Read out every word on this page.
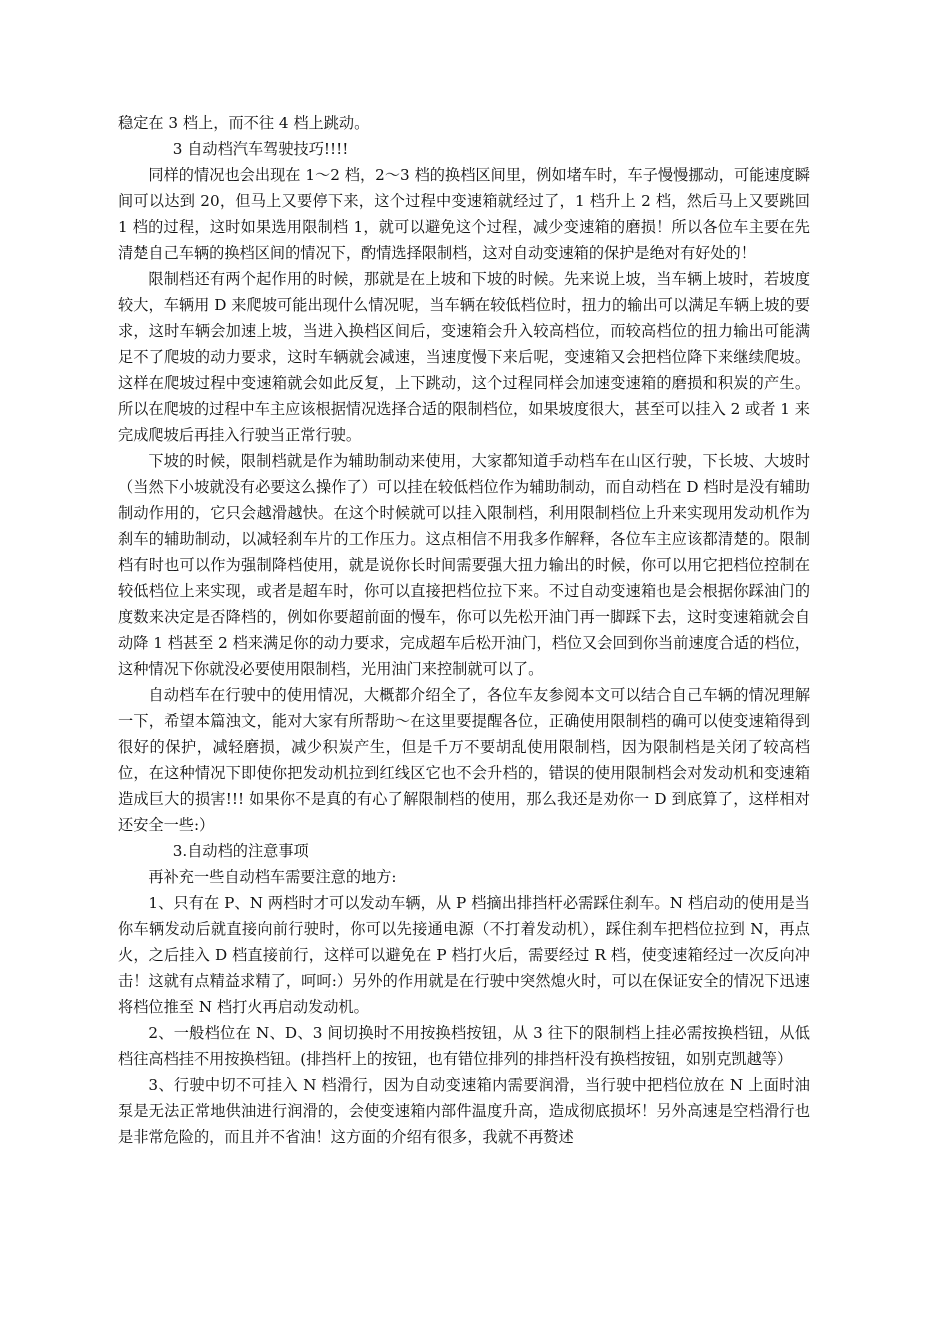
稳定在 3 档上，而不往 4 档上跳动。

3 自动档汽车驾驶技巧!!!!

同样的情况也会出现在 1～2 档，2～3 档的换档区间里，例如堵车时，车子慢慢挪动，可能速度瞬间可以达到 20，但马上又要停下来，这个过程中变速箱就经过了，1 档升上 2 档，然后马上又要跳回 1 档的过程，这时如果选用限制档 1，就可以避免这个过程，减少变速箱的磨损！所以各位车主要在先清楚自己车辆的换档区间的情况下，酌情选择限制档，这对自动变速箱的保护是绝对有好处的！

限制档还有两个起作用的时候，那就是在上坡和下坡的时候。先来说上坡，当车辆上坡时，若坡度较大，车辆用 D 来爬坡可能出现什么情况呢，当车辆在较低档位时，扭力的输出可以满足车辆上坡的要求，这时车辆会加速上坡，当进入换档区间后，变速箱会升入较高档位，而较高档位的扭力输出可能满足不了爬坡的动力要求，这时车辆就会减速，当速度慢下来后呢，变速箱又会把档位降下来继续爬坡。这样在爬坡过程中变速箱就会如此反复，上下跳动，这个过程同样会加速变速箱的磨损和积炭的产生。所以在爬坡的过程中车主应该根据情况选择合适的限制档位，如果坡度很大，甚至可以挂入 2 或者 1 来完成爬坡后再挂入行驶当正常行驶。

下坡的时候，限制档就是作为辅助制动来使用，大家都知道手动档车在山区行驶，下长坡、大坡时（当然下小坡就没有必要这么操作了）可以挂在较低档位作为辅助制动，而自动档在 D 档时是没有辅助制动作用的，它只会越滑越快。在这个时候就可以挂入限制档，利用限制档位上升来实现用发动机作为刹车的辅助制动，以减轻刹车片的工作压力。这点相信不用我多作解释，各位车主应该都清楚的。限制档有时也可以作为强制降档使用，就是说你长时间需要强大扭力输出的时候，你可以用它把档位控制在较低档位上来实现，或者是超车时，你可以直接把档位拉下来。不过自动变速箱也是会根据你踩油门的度数来决定是否降档的，例如你要超前面的慢车，你可以先松开油门再一脚踩下去，这时变速箱就会自动降 1 档甚至 2 档来满足你的动力要求，完成超车后松开油门，档位又会回到你当前速度合适的档位，这种情况下你就没必要使用限制档，光用油门来控制就可以了。

自动档车在行驶中的使用情况，大概都介绍全了，各位车友参阅本文可以结合自己车辆的情况理解一下，希望本篇浊文，能对大家有所帮助～在这里要提醒各位，正确使用限制档的确可以使变速箱得到很好的保护，减轻磨损，减少积炭产生，但是千万不要胡乱使用限制档，因为限制档是关闭了较高档位，在这种情况下即使你把发动机拉到红线区它也不会升档的，错误的使用限制档会对发动机和变速箱造成巨大的损害!!! 如果你不是真的有心了解限制档的使用，那么我还是劝你一 D 到底算了，这样相对还安全一些:）

3.自动档的注意事项

再补充一些自动档车需要注意的地方:

1、只有在 P、N 两档时才可以发动车辆，从 P 档摘出排挡杆必需踩住刹车。N 档启动的使用是当你车辆发动后就直接向前行驶时，你可以先接通电源（不打着发动机），踩住刹车把档位拉到 N，再点火，之后挂入 D 档直接前行，这样可以避免在 P 档打火后，需要经过 R 档，使变速箱经过一次反向冲击！这就有点精益求精了，呵呵:）另外的作用就是在行驶中突然熄火时，可以在保证安全的情况下迅速将档位推至 N 档打火再启动发动机。

2、一般档位在 N、D、3 间切换时不用按换档按钮，从 3 往下的限制档上挂必需按换档钮，从低档往高档挂不用按换档钮。(排挡杆上的按钮，也有错位排列的排挡杆没有换档按钮，如别克凯越等）

3、行驶中切不可挂入 N 档滑行，因为自动变速箱内需要润滑，当行驶中把档位放在 N 上面时油泵是无法正常地供油进行润滑的，会使变速箱内部件温度升高，造成彻底损坏！另外高速是空档滑行也是非常危险的，而且并不省油！这方面的介绍有很多，我就不再赘述
